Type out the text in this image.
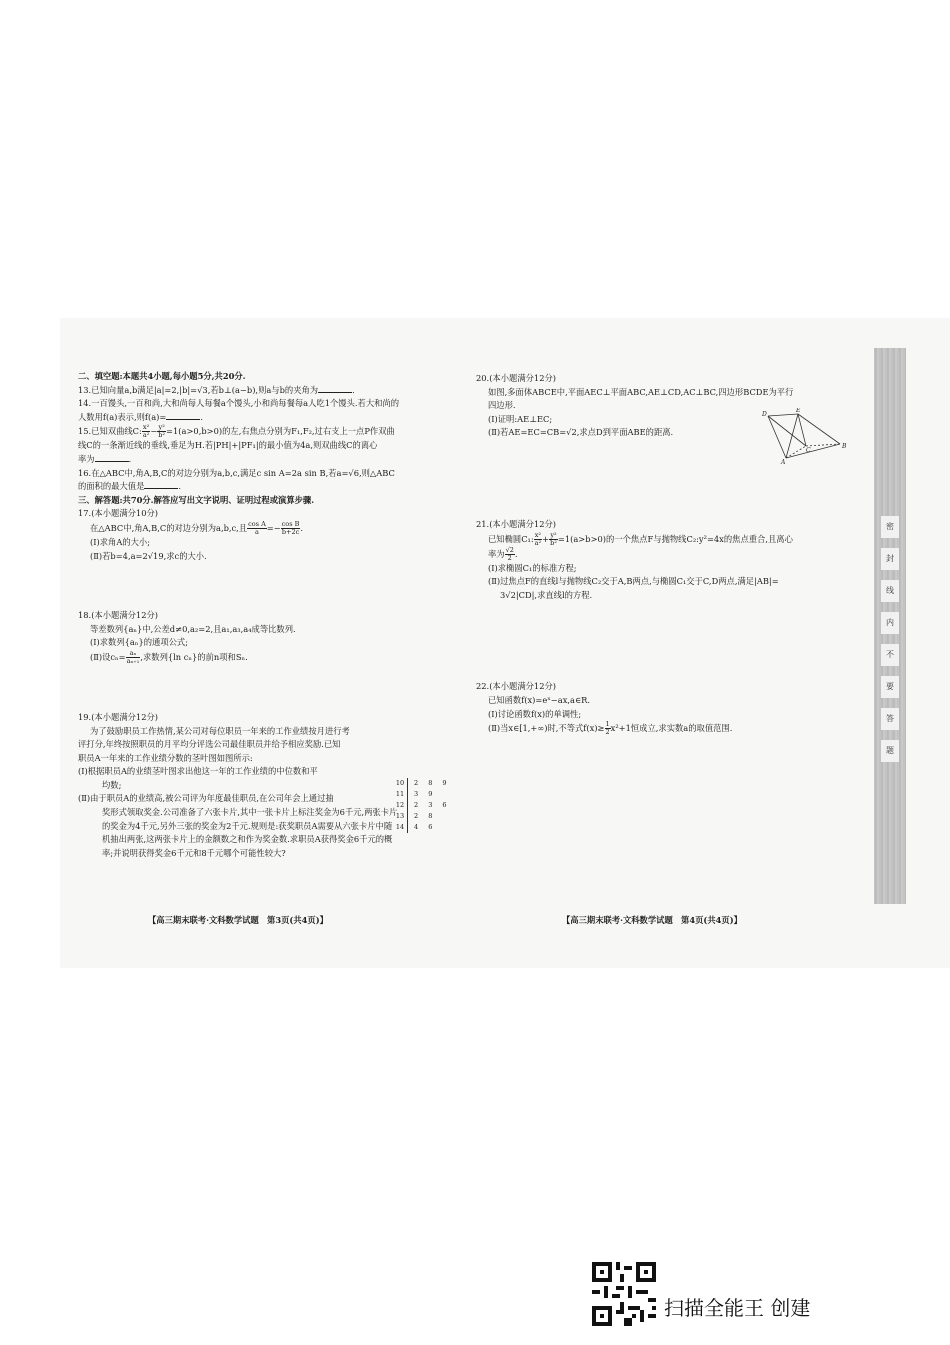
二、填空题:本题共4小题,每小题5分,共20分.

13.已知向量a,b满足|a|=2,|b|=√3,若b⊥(a−b),则a与b的夹角为	.

14.一百馒头,一百和尚,大和尚每人每餐a个馒头,小和尚每餐每a人吃1个馒头.若大和尚的

人数用f(a)表示,则f(a)=	.

15.已知双曲线C: $\frac{\text{x²}}{\text{a²}} - \frac{\text{y²}}{\text{b²}} =1(a>0,b>0)$的左,右焦点分别为F₁,F₂,过右支上一点P作双曲

线C的一条渐近线的垂线,垂足为H.若|PH|+|PF₁|的最小值为4a,则双曲线C的离心

率为	.

16.在△ABC中,角A,B,C的对边分别为a,b,c,满足c sin A=2a sin B,若a=√6,则△ABC

的面积的最大值是	.

三、解答题:共70分.解答应写出文字说明、证明过程或演算步骤.

17.(本小题满分10分)

在△ABC中,角A,B,C的对边分别为a,b,c,且 $\frac{\text{cos A}}{a} =- \frac{\text{cos B}}{b+2c}$ .

(Ⅰ)求角A的大小;

(Ⅱ)若b=4,a=2√19,求c的大小.

18.(本小题满分12分)

等差数列{aₙ}中,公差d≠0,a₂=2,且a₁,a₃,a₄成等比数列.

(Ⅰ)求数列{aₙ}的通项公式;

(Ⅱ)设$c_n= \frac{\text{aₙ}}{\text{aₙ₊₁}}$ ,求数列{ln cₙ}的前n项和Sₙ.

19.(本小题满分12分)

为了鼓励职员工作热情,某公司对每位职员一年来的工作业绩按月进行考

评打分,年终按照职员的月平均分评选公司最佳职员并给予相应奖励.已知

职员A一年来的工作业绩分数的茎叶图如图所示:

(Ⅰ)根据职员A的业绩茎叶图求出他这一年的工作业绩的中位数和平

均数;

(Ⅱ)由于职员A的业绩高,被公司评为年度最佳职员,在公司年会上通过抽

奖形式领取奖金.公司准备了六张卡片,其中一张卡片上标注奖金为6千元,两张卡片

的奖金为4千元,另外三张的奖金为2千元.规则是:获奖职员A需要从六张卡片中随

机抽出两张,这两张卡片上的金额数之和作为奖金数.求职员A获得奖金6千元的概

率;并说明获得奖金6千元和8千元哪个可能性较大?

10	2 8 9
11	3 9
12	2 3 6
13	2 8
14	4 6
【高三期末联考·文科数学试题　第3页(共4页)】

20.(本小题满分12分)

如图,多面体ABCE中,平面AEC⊥平面ABC,AE⊥CD,AC⊥BC,四边形BCDE为平行

四边形.

(Ⅰ)证明:AE⊥EC;

(Ⅱ)若AE=EC=CB=√2,求点D到平面ABE的距离.

21.(本小题满分12分)

已知椭圆C₁: $\frac{\text{x²}}{\text{a²}} + \frac{\text{y²}}{\text{b²}} =1(a>b>0)$的一个焦点F与抛物线C₂:y²=4x的焦点重合,且离心

率为 $\frac{√2}{2}$ .

(Ⅰ)求椭圆C₁的标准方程;

(Ⅱ)过焦点F的直线l与抛物线C₂交于A,B两点,与椭圆C₁交于C,D两点,满足|AB|=

3√2|CD|,求直线l的方程.

22.(本小题满分12分)

已知函数f(x)=eˣ−ax,a∈R.

(Ⅰ)讨论函数f(x)的单调性;

(Ⅱ)当x∈[1,+∞)时,不等式$f(x)\ge \frac{1}{2} x^2+1$恒成立,求实数a的取值范围.

D
E
C
B
A
【高三期末联考·文科数学试题　第4页(共4页)】
密
封
线
内
不
要
答
题
扫描全能王 创建
